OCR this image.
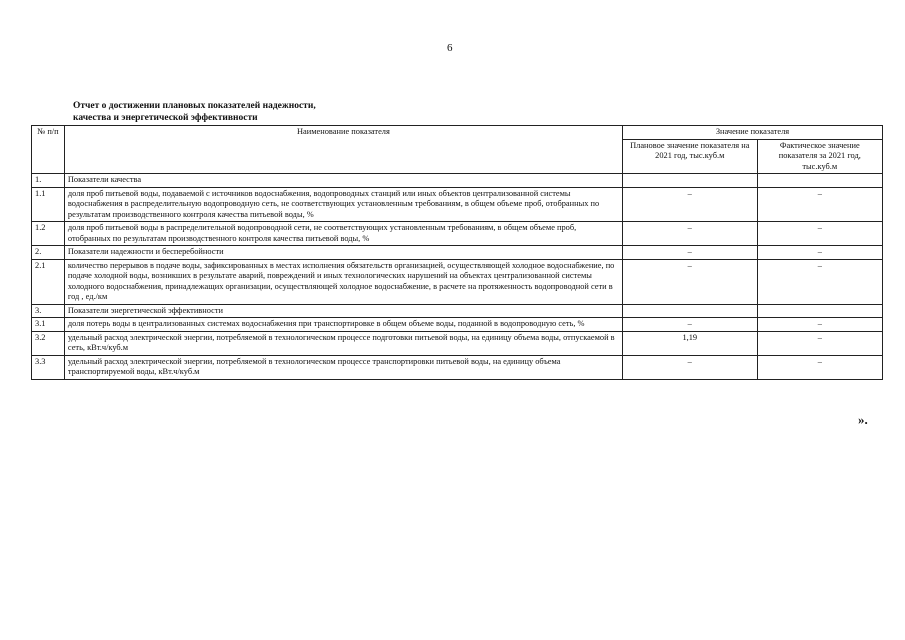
6
Отчет о достижении плановых показателей надежности,
качества и энергетической эффективности
№ п/п	Наименование показателя	Значение показателя	
		Плановое значение показателя на 2021 год, тыс.куб.м	Фактическое значение показателя за 2021 год, тыс.куб.м
1.	Показатели качества		
1.1	доля проб питьевой воды, подаваемой с источников водоснабжения, водопроводных станций или иных объектов централизованной системы водоснабжения в распределительную водопроводную сеть, не соответствующих установленным требованиям, в общем объеме проб, отобранных по результатам производственного контроля качества питьевой воды, %	–	–
1.2	доля проб питьевой воды в распределительной водопроводной сети, не соответствующих установленным требованиям, в общем объеме проб, отобранных по результатам производственного контроля качества питьевой воды, %	–	–
2.	Показатели надежности и бесперебойности	–	–
2.1	количество перерывов в подаче воды, зафиксированных в местах исполнения обязательств организацией, осуществляющей холодное водоснабжение, по подаче холодной воды, возникших в результате аварий, повреждений и иных технологических нарушений на объектах централизованной системы холодного водоснабжения, принадлежащих организации, осуществляющей холодное водоснабжение, в расчете на протяженность водопроводной сети в год , ед./км	–	–
3.	Показатели энергетической эффективности		
3.1	доля потерь воды в централизованных системах водоснабжения при транспортировке в общем объеме воды, поданной в водопроводную сеть, %	–	–
3.2	удельный расход электрической энергии, потребляемой в технологическом процессе подготовки питьевой воды, на единицу объема воды, отпускаемой в сеть, кВт.ч/куб.м	1,19	–
3.3	удельный расход электрической энергии, потребляемой в технологическом процессе транспортировки питьевой воды, на единицу объема транспортируемой воды, кВт.ч/куб.м	–	–
».
